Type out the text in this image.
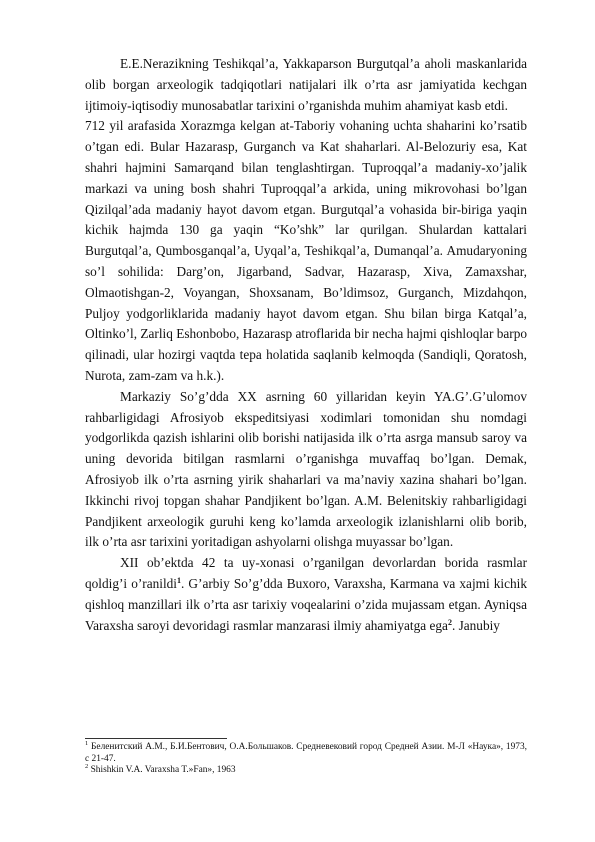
E.E.Nerazikning Teshikqal’a, Yakkaparson Burgutqal’a aholi maskanlarida olib borgan arxeologik tadqiqotlari natijalari ilk o’rta asr jamiyatida kechgan ijtimoiy-iqtisodiy munosabatlar tarixini o’rganishda muhim ahamiyat kasb etdi.

712 yil arafasida Xorazmga kelgan at-Taboriy vohaning uchta shaharini ko’rsatib o’tgan edi. Bular Hazarasp, Gurganch va Kat shaharlari. Al-Belozuriy esa, Kat shahri hajmini Samarqand bilan tenglashtirgan. Tuproqqal’a madaniy-xo’jalik markazi va uning bosh shahri Tuproqqal’a arkida, uning mikrovohasi bo’lgan Qizilqal’ada madaniy hayot davom etgan. Burgutqal’a vohasida bir-biriga yaqin kichik hajmda 130 ga yaqin “Ko’shk” lar qurilgan. Shulardan kattalari Burgutqal’a, Qumbosganqal’a, Uyqal’a, Teshikqal’a, Dumanqal’a. Amudaryoning so’l sohilida: Darg’on, Jigarband, Sadvar, Hazarasp, Xiva, Zamaxshar, Olmaotishgan-2, Voyangan, Shoxsanam, Bo’ldimsoz, Gurganch, Mizdahqon, Puljoy yodgorliklarida madaniy hayot davom etgan. Shu bilan birga Katqal’a, Oltinko’l, Zarliq Eshonbobo, Hazarasp atroflarida bir necha hajmi qishloqlar barpo qilinadi, ular hozirgi vaqtda tepa holatida saqlanib kelmoqda (Sandiqli, Qoratosh, Nurota, zam-zam va h.k.).

Markaziy So’g’dda XX asrning 60 yillaridan keyin YA.G’.G’ulomov rahbarligidagi Afrosiyob ekspeditsiyasi xodimlari tomonidan shu nomdagi yodgorlikda qazish ishlarini olib borishi natijasida ilk o’rta asrga mansub saroy va uning devorida bitilgan rasmlarni o’rganishga muvaffaq bo’lgan. Demak, Afrosiyob ilk o’rta asrning yirik shaharlari va ma’naviy xazina shahari bo’lgan. Ikkinchi rivoj topgan shahar Pandjikent bo’lgan. A.M. Belenitskiy rahbarligidagi Pandjikent arxeologik guruhi keng ko’lamda arxeologik izlanishlarni olib borib, ilk o’rta asr tarixini yoritadigan ashyolarni olishga muyassar bo’lgan.

XII ob’ektda 42 ta uy-xonasi o’rganilgan devorlardan borida rasmlar qoldig’i o’ranildi$^1$. G’arbiy So’g’dda Buxoro, Varaxsha, Karmana va xajmi kichik qishloq manzillari ilk o’rta asr tarixiy voqealarini o’zida mujassam etgan. Ayniqsa Varaxsha saroyi devoridagi rasmlar manzarasi ilmiy ahamiyatga ega$^2$. Janubiy

$^1$ Беленитский А.М., Б.И.Бентович, О.А.Большаков. Средневековий город Средней Азии. М-Л «Наука», 1973, с 21-47.

$^2$ Shishkin V.A. Varaxsha T.»Fan», 1963
